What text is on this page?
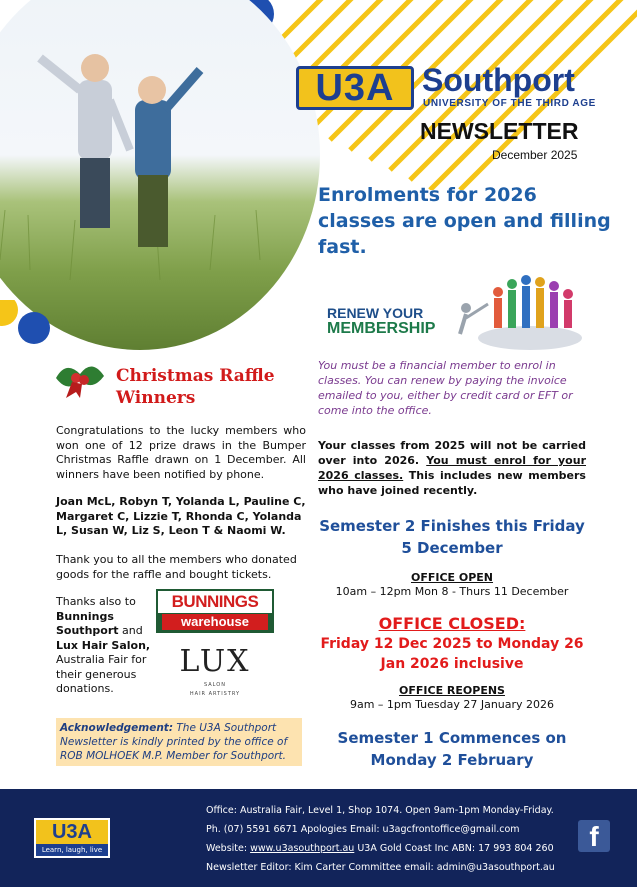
U3A Southport
UNIVERSITY OF THE THIRD AGE
NEWSLETTER
December 2025
Enrolments for 2026 classes are open and filling fast.
RENEW YOUR
MEMBERSHIP
You must be a financial member to enrol in classes. You can renew by paying the invoice emailed to you, either by credit card or EFT or come into the office.
Your classes from 2025 will not be carried over into 2026. You must enrol for your 2026 classes. This includes new members who have joined recently.
Semester 2 Finishes this Friday 5 December
OFFICE OPEN
10am – 12pm Mon 8 - Thurs 11 December
OFFICE CLOSED:
Friday 12 Dec 2025 to Monday 26 Jan 2026 inclusive
OFFICE REOPENS
9am – 1pm Tuesday 27 January 2026
Semester 1 Commences on Monday 2 February
Christmas Raffle Winners
Congratulations to the lucky members who won one of 12 prize draws in the Bumper Christmas Raffle drawn on 1 December. All winners have been notified by phone.
Joan McL, Robyn T, Yolanda L, Pauline C, Margaret C, Lizzie T, Rhonda C, Yolanda L, Susan W, Liz S, Leon T & Naomi W.
Thank you to all the members who donated goods for the raffle and bought tickets.
Thanks also to Bunnings Southport and Lux Hair Salon, Australia Fair for their generous donations.
BUNNINGS
warehouse
LUX
SALON
HAIR ARTISTRY
Acknowledgement: The U3A Southport Newsletter is kindly printed by the office of ROB MOLHOEK M.P. Member for Southport.
U3A
Learn, laugh, live
Office: Australia Fair, Level 1, Shop 1074. Open 9am-1pm Monday-Friday.
Ph. (07) 5591 6671 Apologies Email: u3agcfrontoffice@gmail.com
Website: www.u3asouthport.au U3A Gold Coast Inc ABN: 17 993 804 260
Newsletter Editor: Kim Carter Committee email: admin@u3asouthport.au
f
